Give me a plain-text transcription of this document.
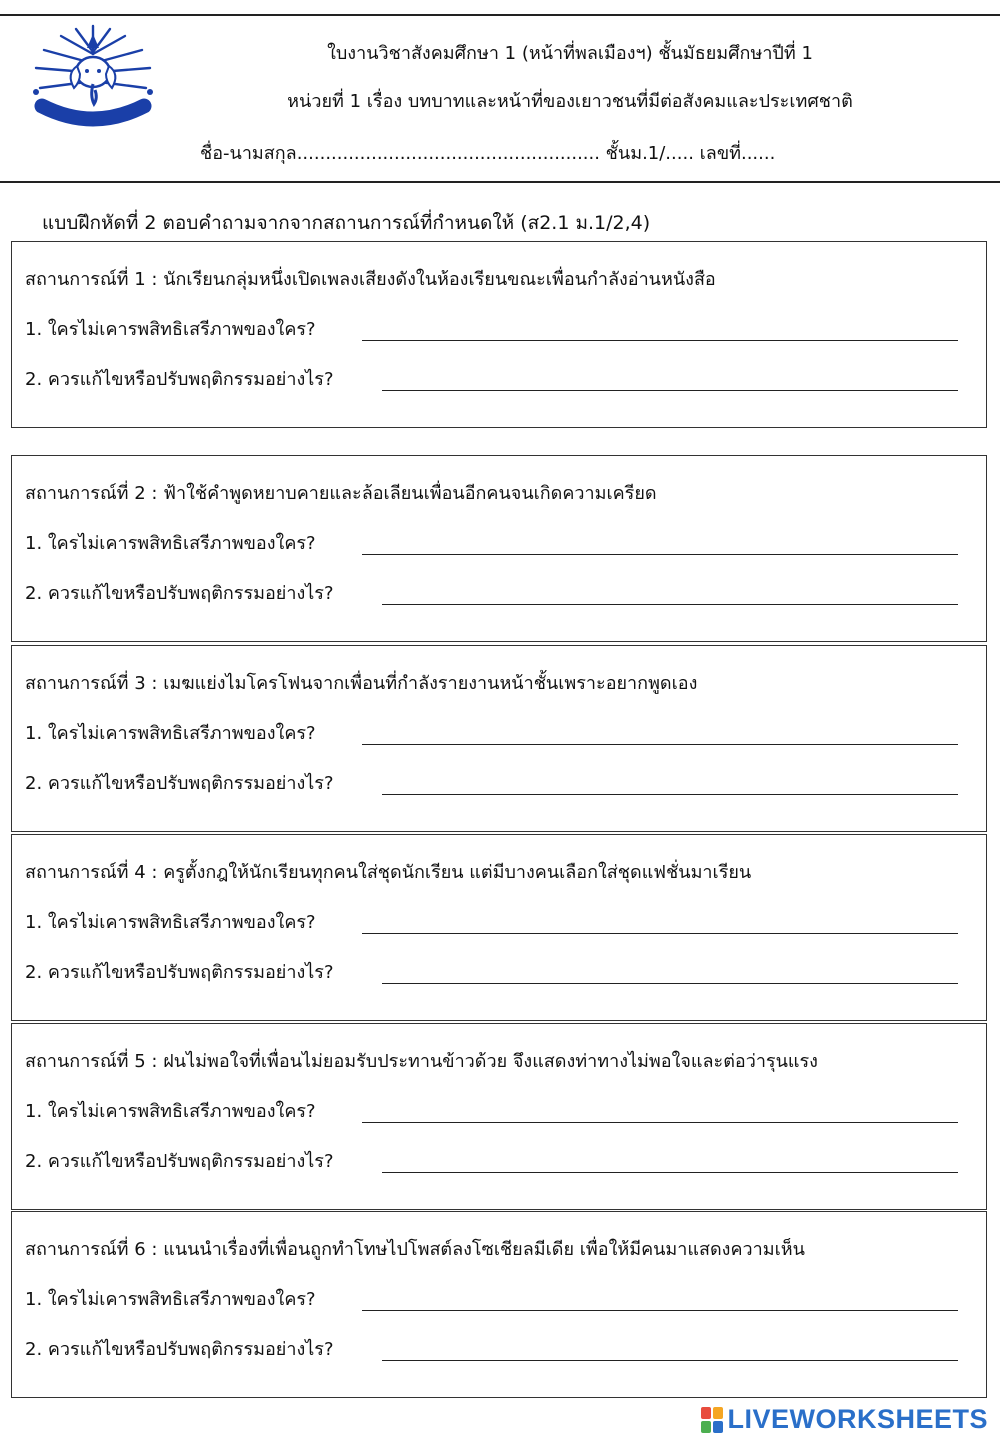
ใบงานวิชาสังคมศึกษา 1 (หน้าที่พลเมืองฯ) ชั้นมัธยมศึกษาปีที่ 1
หน่วยที่ 1 เรื่อง บทบาทและหน้าที่ของเยาวชนที่มีต่อสังคมและประเทศชาติ
ชื่อ-นามสกุล..................................................... ชั้นม.1/..... เลขที่......
แบบฝึกหัดที่ 2 ตอบคำถามจากจากสถานการณ์ที่กำหนดให้ (ส2.1 ม.1/2,4)
สถานการณ์ที่ 1 : นักเรียนกลุ่มหนึ่งเปิดเพลงเสียงดังในห้องเรียนขณะเพื่อนกำลังอ่านหนังสือ
1. ใครไม่เคารพสิทธิเสรีภาพของใคร?
2. ควรแก้ไขหรือปรับพฤติกรรมอย่างไร?
สถานการณ์ที่ 2 : ฟ้าใช้คำพูดหยาบคายและล้อเลียนเพื่อนอีกคนจนเกิดความเครียด
1. ใครไม่เคารพสิทธิเสรีภาพของใคร?
2. ควรแก้ไขหรือปรับพฤติกรรมอย่างไร?
สถานการณ์ที่ 3 : เมฆแย่งไมโครโฟนจากเพื่อนที่กำลังรายงานหน้าชั้นเพราะอยากพูดเอง
1. ใครไม่เคารพสิทธิเสรีภาพของใคร?
2. ควรแก้ไขหรือปรับพฤติกรรมอย่างไร?
สถานการณ์ที่ 4 : ครูตั้งกฎให้นักเรียนทุกคนใส่ชุดนักเรียน แต่มีบางคนเลือกใส่ชุดแฟชั่นมาเรียน
1. ใครไม่เคารพสิทธิเสรีภาพของใคร?
2. ควรแก้ไขหรือปรับพฤติกรรมอย่างไร?
สถานการณ์ที่ 5 : ฝนไม่พอใจที่เพื่อนไม่ยอมรับประทานข้าวด้วย จึงแสดงท่าทางไม่พอใจและต่อว่ารุนแรง
1. ใครไม่เคารพสิทธิเสรีภาพของใคร?
2. ควรแก้ไขหรือปรับพฤติกรรมอย่างไร?
สถานการณ์ที่ 6 : แนนนำเรื่องที่เพื่อนถูกทำโทษไปโพสต์ลงโซเชียลมีเดีย เพื่อให้มีคนมาแสดงความเห็น
1. ใครไม่เคารพสิทธิเสรีภาพของใคร?
2. ควรแก้ไขหรือปรับพฤติกรรมอย่างไร?
LIVEWORKSHEETS
